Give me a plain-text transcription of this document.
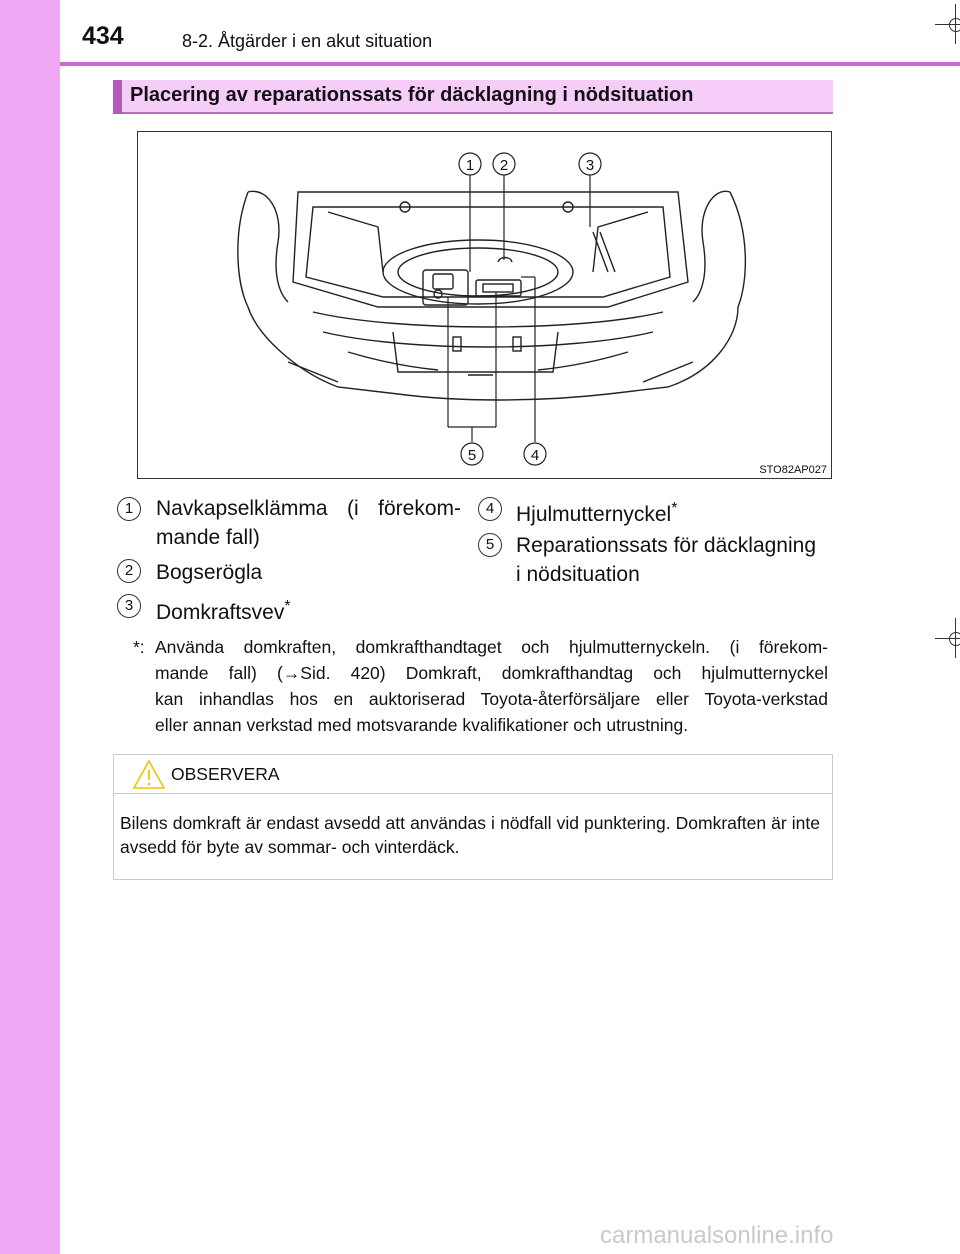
434	8-2. Åtgärder i en akut situation
Placering av reparationssats för däcklagning i nödsituation
1 2	3
5	4
STO82AP027
1	Navkapselklämma (i förekom-
mande fall)
2	Bogserögla
3	Domkraftsvev*
4	Hjulmutternyckel*
5	Reparationssats för däcklagning
i nödsituation
*: Använda domkraften, domkrafthandtaget och hjulmutternyckeln. (i förekom-
mande fall) (→Sid. 420) Domkraft, domkrafthandtag och hjulmutternyckel
kan inhandlas hos en auktoriserad Toyota-återförsäljare eller Toyota-verkstad
eller annan verkstad med motsvarande kvalifikationer och utrustning.
OBSERVERA
Bilens domkraft är endast avsedd att användas i nödfall vid punktering. Domkraften är inte avsedd för byte av sommar- och vinterdäck.
carmanualsonline.info
